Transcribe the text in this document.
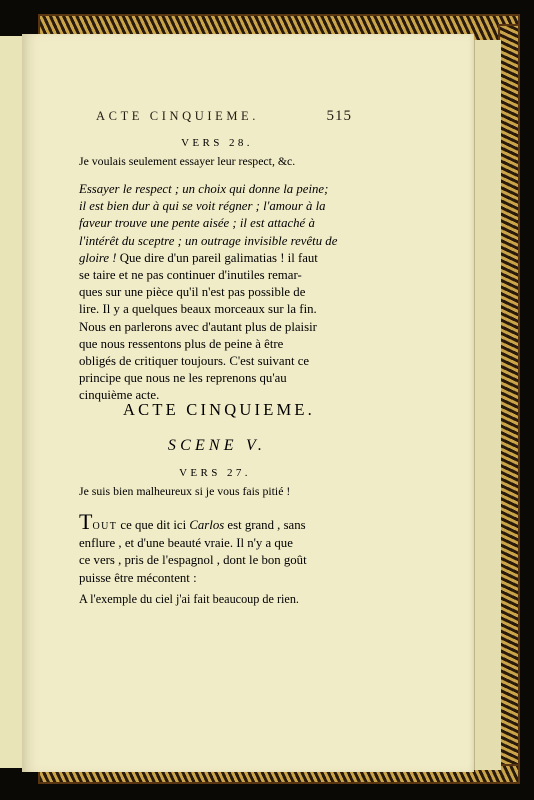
ACTE CINQUIEME.	515
VERS 28.
Je voulais seulement essayer leur respect, &c.
Essayer le respect ; un choix qui donne la peine;
il est bien dur à qui se voit régner ; l'amour à la
faveur trouve une pente aisée ; il est attaché à
l'intérêt du sceptre ; un outrage invisible revêtu de
gloire ! Que dire d'un pareil galimatias ! il faut
se taire et ne pas continuer d'inutiles remar-
ques sur une pièce qu'il n'est pas possible de
lire. Il y a quelques beaux morceaux sur la fin.
Nous en parlerons avec d'autant plus de plaisir
que nous ressentons plus de peine à être
obligés de critiquer toujours. C'est suivant ce
principe que nous ne les reprenons qu'au
cinquième acte.
ACTE CINQUIEME.
SCENE V.
VERS 27.
Je suis bien malheureux si je vous fais pitié !
TOUT ce que dit ici Carlos est grand , sans
enflure , et d'une beauté vraie. Il n'y a que
ce vers , pris de l'espagnol , dont le bon goût
puisse être mécontent :
A l'exemple du ciel j'ai fait beaucoup de rien.
